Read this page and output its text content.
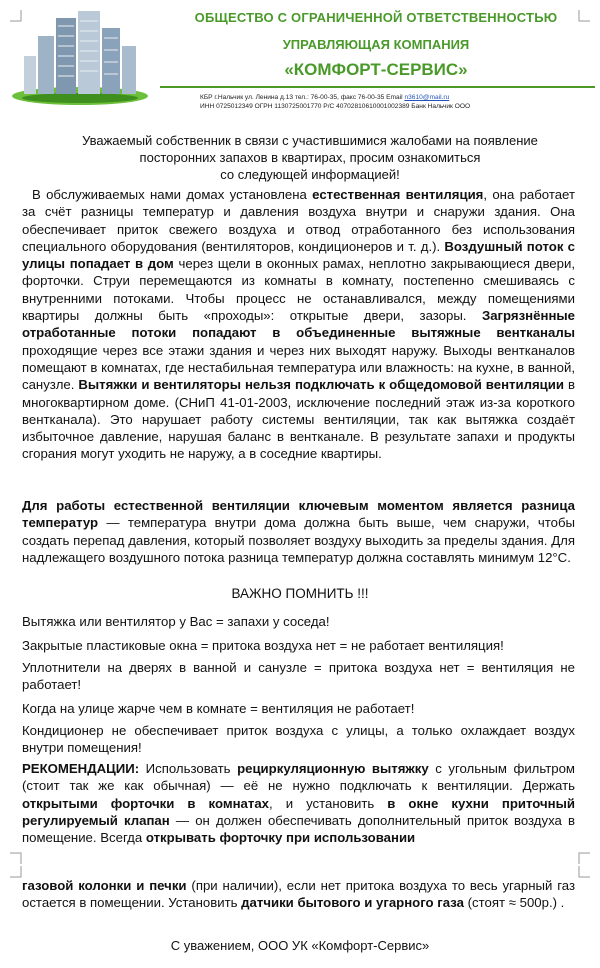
ОБЩЕСТВО С ОГРАНИЧЕННОЙ ОТВЕТСТВЕННОСТЬЮ
УПРАВЛЯЮЩАЯ КОМПАНИЯ
«КОМФОРТ-СЕРВИС»
КБР г.Нальчик ул. Ленина д.13 тел.: 76-00-35, факс 76-00-35 Email n3610@mail.ru
ИНН 0725012349 ОГРН 1130725001770 Р/С 40702810610001002389 Банк Нальчик ООО
Уважаемый собственник в связи с участившимися жалобами на появление
посторонних запахов в квартирах, просим ознакомиться
со следующей информацией!
В обслуживаемых нами домах установлена естественная вентиляция, она работает за счёт разницы температур и давления воздуха внутри и снаружи здания. Она обеспечивает приток свежего воздуха и отвод отработанного без использования специального оборудования (вентиляторов, кондиционеров и т. д.). Воздушный поток с улицы попадает в дом через щели в оконных рамах, неплотно закрывающиеся двери, форточки. Струи перемещаются из комнаты в комнату, постепенно смешиваясь с внутренними потоками. Чтобы процесс не останавливался, между помещениями квартиры должны быть «проходы»: открытые двери, зазоры. Загрязнённые отработанные потоки попадают в объединенные вытяжные вентканалы проходящие через все этажи здания и через них выходят наружу. Выходы вентканалов помещают в комнатах, где нестабильная температура или влажность: на кухне, в ванной, санузле. Вытяжки и вентиляторы нельзя подключать к общедомовой вентиляции в многоквартирном доме. (СНиП 41-01-2003, исключение последний этаж из-за короткого вентканала). Это нарушает работу системы вентиляции, так как вытяжка создаёт избыточное давление, нарушая баланс в вентканале. В результате запахи и продукты сгорания могут уходить не наружу, а в соседние квартиры.
Для работы естественной вентиляции ключевым моментом является разница температур — температура внутри дома должна быть выше, чем снаружи, чтобы создать перепад давления, который позволяет воздуху выходить за пределы здания. Для надлежащего воздушного потока разница температур должна составлять минимум 12°С.
ВАЖНО ПОМНИТЬ !!!
Вытяжка или вентилятор у Вас = запахи у соседа!
Закрытые пластиковые окна = притока воздуха нет = не работает вентиляция!
Уплотнители на дверях в ванной и санузле = притока воздуха нет = вентиляция не работает!
Когда на улице жарче чем в комнате = вентиляция не работает!
Кондиционер не обеспечивает приток воздуха с улицы, а только охлаждает воздух внутри помещения!
РЕКОМЕНДАЦИИ: Использовать рециркуляционную вытяжку с угольным фильтром (стоит так же как обычная) — её не нужно подключать к вентиляции. Держать открытыми форточки в комнатах, и установить в окне кухни приточный регулируемый клапан — он должен обеспечивать дополнительный приток воздуха в помещение. Всегда открывать форточку при использовании
газовой колонки и печки (при наличии), если нет притока воздуха то весь угарный газ остается в помещении. Установить датчики бытового и угарного газа (стоят ≈ 500р.) .
С уважением, ООО УК «Комфорт-Сервис»
